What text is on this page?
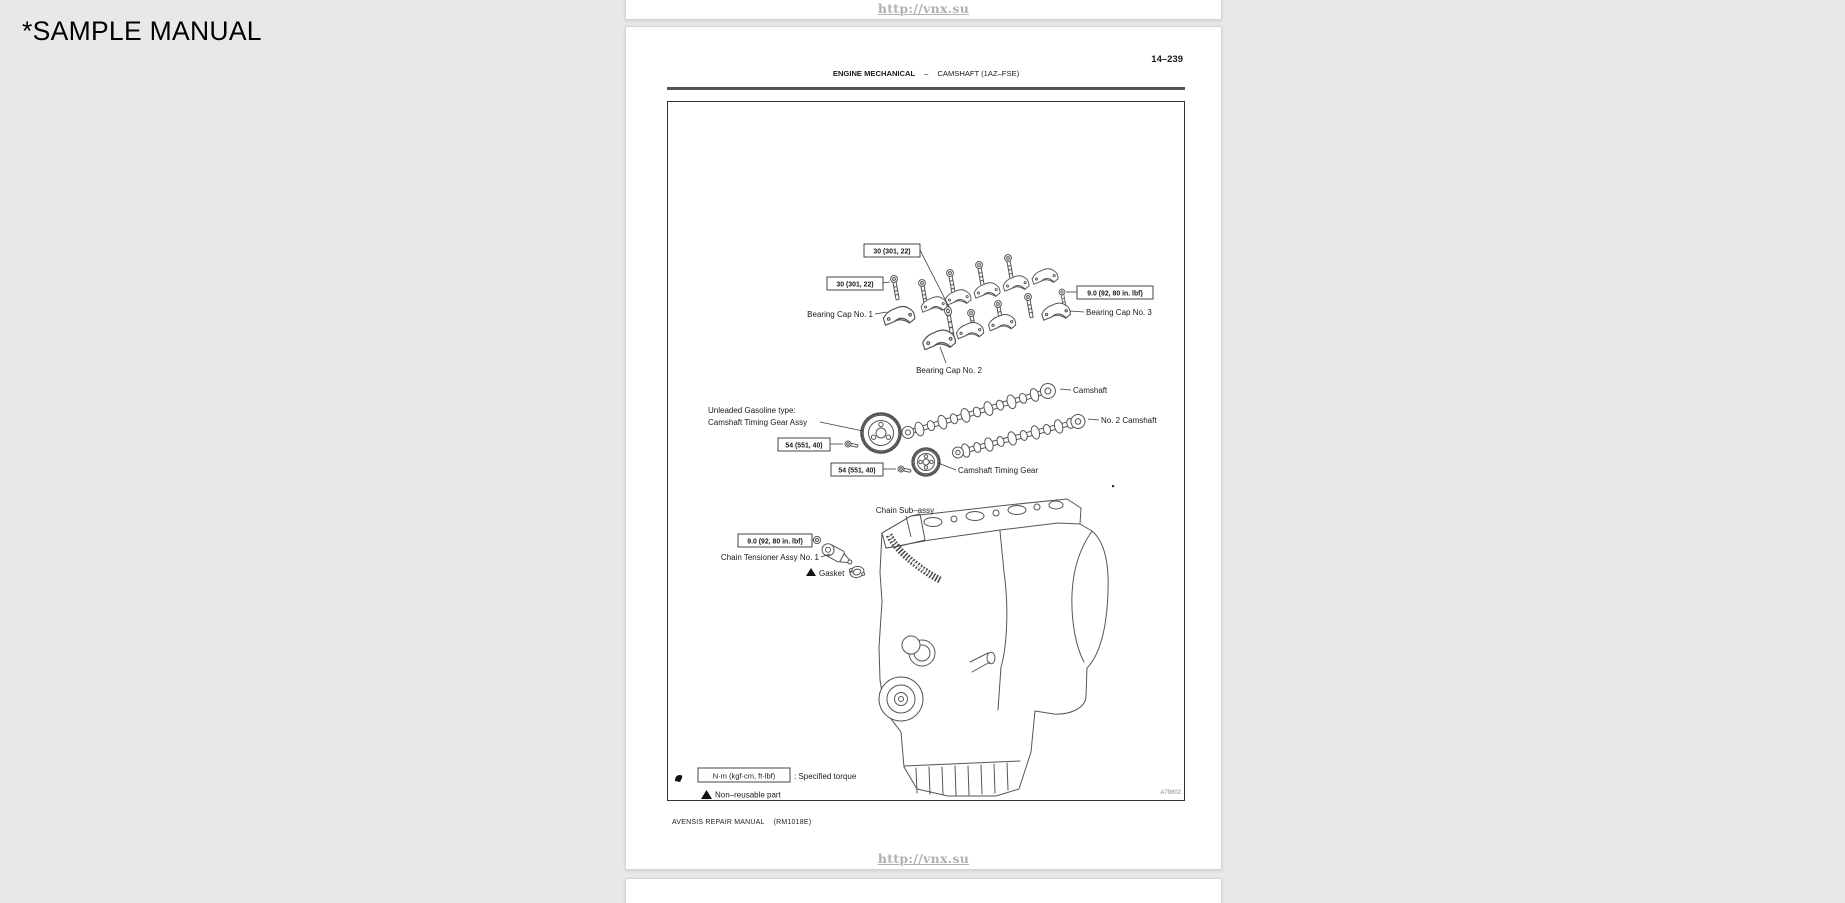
http://vnx.su
14–239
ENGINE MECHANICAL – CAMSHAFT (1AZ–FSE)
30 (301, 22)
30 (301, 22)
9.0 (92, 80 in. lbf)
54 (551, 40)
54 (551, 40)
9.0 (92, 80 in. lbf)
Bearing Cap No. 1
Bearing Cap No. 2
Bearing Cap No. 3
Camshaft
No. 2 Camshaft
Unleaded Gasoline type:
Camshaft Timing Gear Assy
Camshaft Timing Gear
Chain Sub–assy
Chain Tensioner Assy No. 1
Gasket
N·m (kgf·cm, ft·lbf) : Specified torque
Non–reusable part	A79802
AVENSIS REPAIR MANUAL (RM1018E)
http://vnx.su
*SAMPLE MANUAL
